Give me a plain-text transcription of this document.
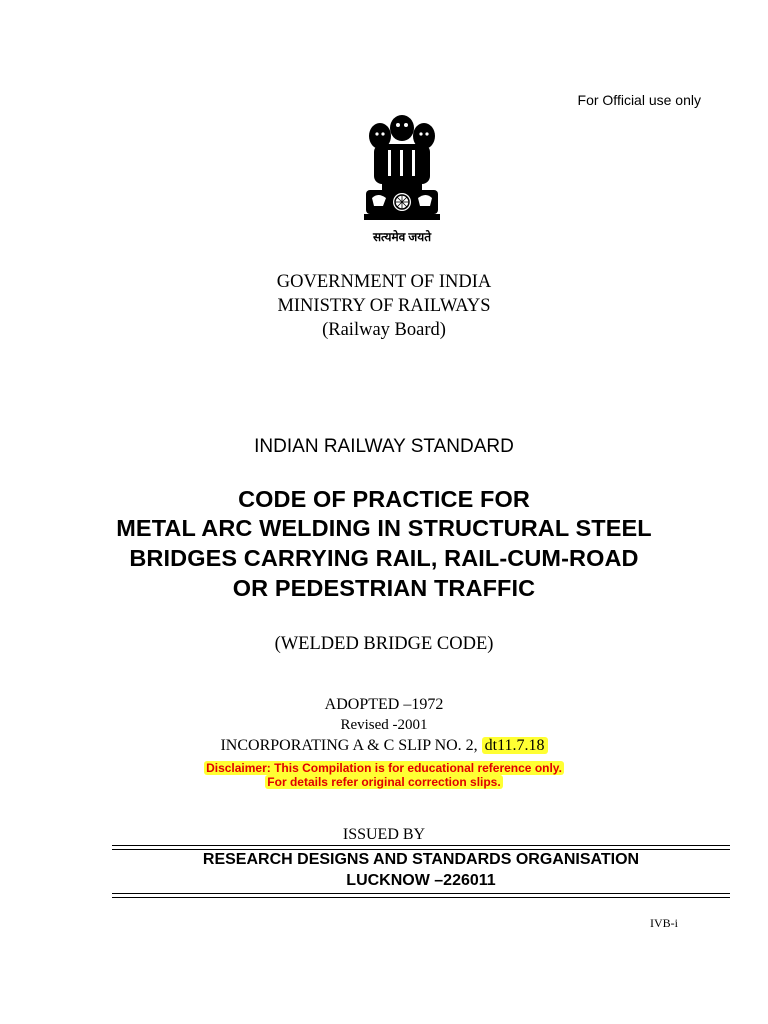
For Official use only
सत्यमेव जयते
GOVERNMENT OF INDIA
MINISTRY OF RAILWAYS
(Railway Board)
INDIAN RAILWAY STANDARD
CODE OF PRACTICE FOR
METAL ARC WELDING IN STRUCTURAL STEEL
BRIDGES CARRYING RAIL, RAIL-CUM-ROAD
OR PEDESTRIAN TRAFFIC
(WELDED BRIDGE CODE)
ADOPTED –1972
Revised -2001
INCORPORATING A & C SLIP NO. 2, dt11.7.18
Disclaimer: This Compilation is for educational reference only.
For details refer original correction slips.
ISSUED BY
RESEARCH DESIGNS AND STANDARDS ORGANISATION
LUCKNOW –226011
IVB-i
